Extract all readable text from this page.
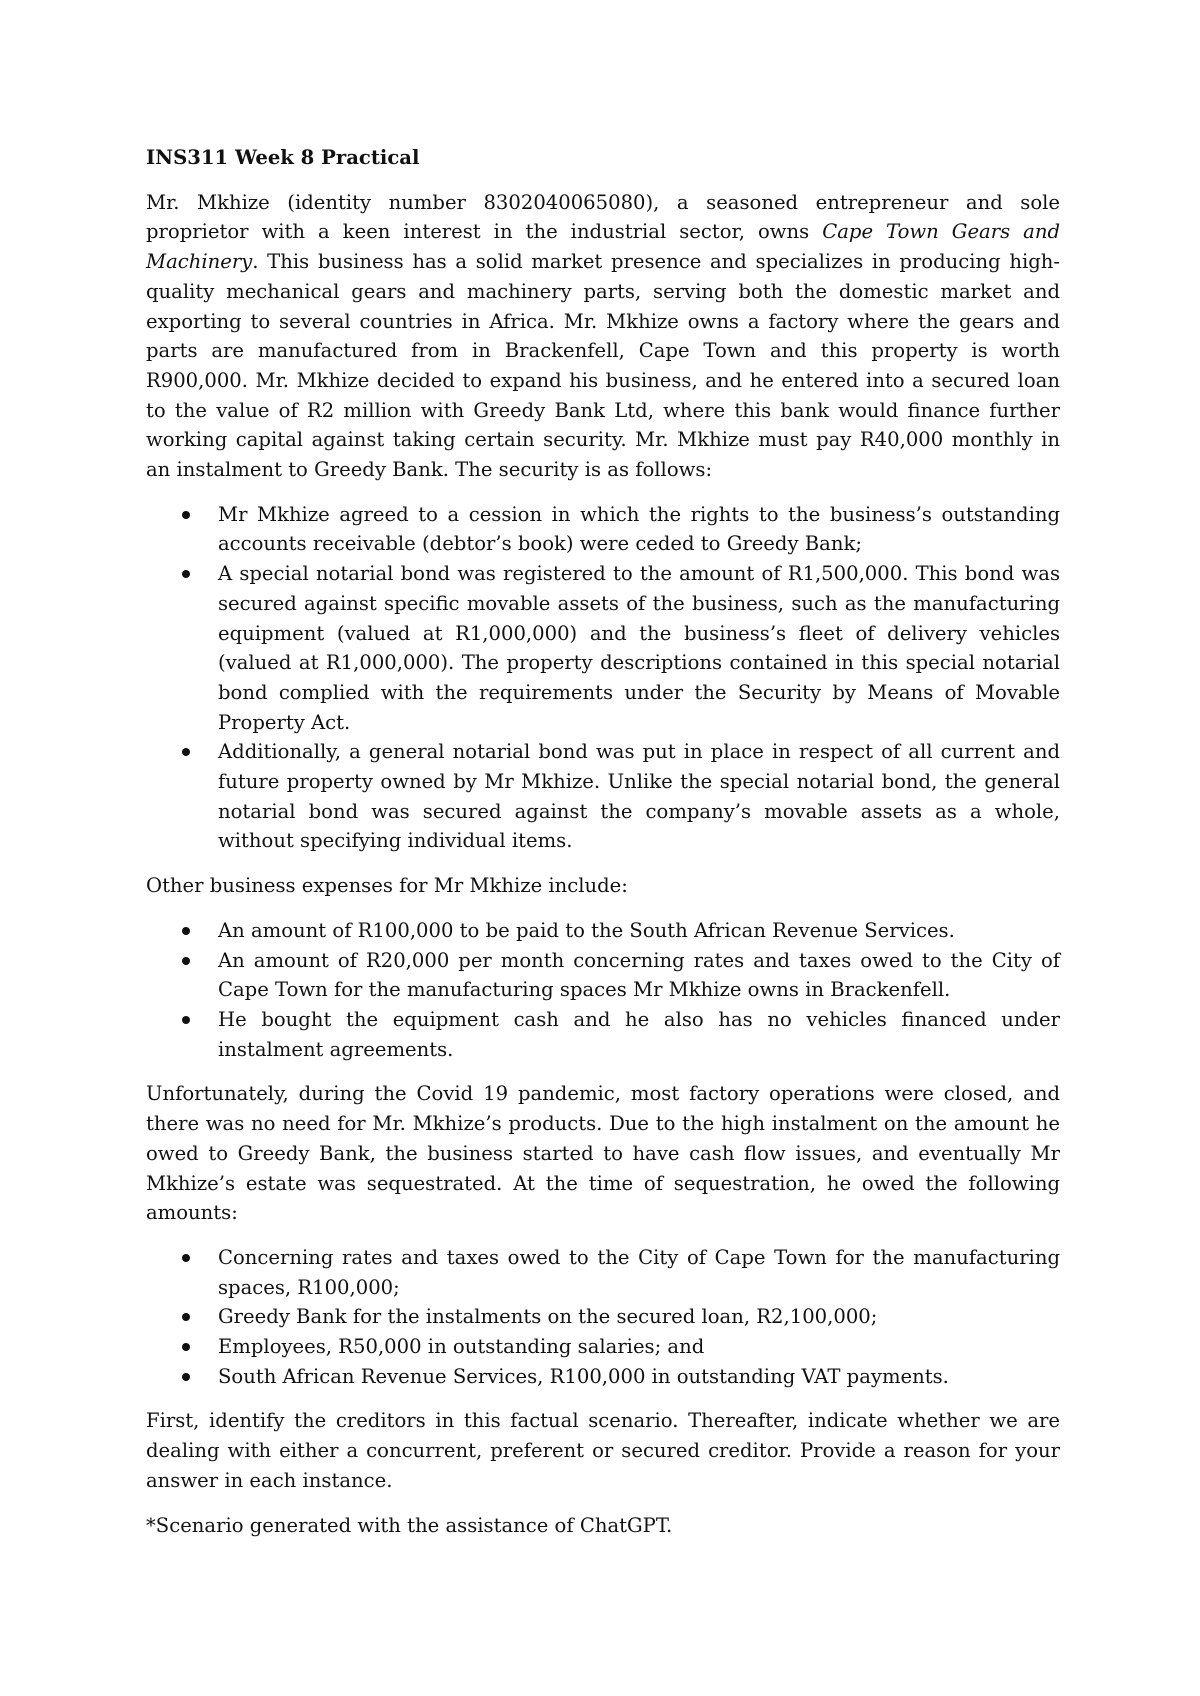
INS311 Week 8 Practical

Mr. Mkhize (identity number 8302040065080), a seasoned entrepreneur and sole proprietor with a keen interest in the industrial sector, owns Cape Town Gears and Machinery. This business has a solid market presence and specializes in producing high-quality mechanical gears and machinery parts, serving both the domestic market and exporting to several countries in Africa. Mr. Mkhize owns a factory where the gears and parts are manufactured from in Brackenfell, Cape Town and this property is worth R900,000. Mr. Mkhize decided to expand his business, and he entered into a secured loan to the value of R2 million with Greedy Bank Ltd, where this bank would finance further working capital against taking certain security. Mr. Mkhize must pay R40,000 monthly in an instalment to Greedy Bank. The security is as follows:

Mr Mkhize agreed to a cession in which the rights to the business’s outstanding accounts receivable (debtor’s book) were ceded to Greedy Bank;
A special notarial bond was registered to the amount of R1,500,000. This bond was secured against specific movable assets of the business, such as the manufacturing equipment (valued at R1,000,000) and the business’s fleet of delivery vehicles (valued at R1,000,000). The property descriptions contained in this special notarial bond complied with the requirements under the Security by Means of Movable Property Act.
Additionally, a general notarial bond was put in place in respect of all current and future property owned by Mr Mkhize. Unlike the special notarial bond, the general notarial bond was secured against the company’s movable assets as a whole, without specifying individual items.

Other business expenses for Mr Mkhize include:

An amount of R100,000 to be paid to the South African Revenue Services.
An amount of R20,000 per month concerning rates and taxes owed to the City of Cape Town for the manufacturing spaces Mr Mkhize owns in Brackenfell.
He bought the equipment cash and he also has no vehicles financed under instalment agreements.

Unfortunately, during the Covid 19 pandemic, most factory operations were closed, and there was no need for Mr. Mkhize’s products. Due to the high instalment on the amount he owed to Greedy Bank, the business started to have cash flow issues, and eventually Mr Mkhize’s estate was sequestrated. At the time of sequestration, he owed the following amounts:

Concerning rates and taxes owed to the City of Cape Town for the manufacturing spaces, R100,000;
Greedy Bank for the instalments on the secured loan, R2,100,000;
Employees, R50,000 in outstanding salaries; and
South African Revenue Services, R100,000 in outstanding VAT payments.

First, identify the creditors in this factual scenario. Thereafter, indicate whether we are dealing with either a concurrent, preferent or secured creditor. Provide a reason for your answer in each instance.

*Scenario generated with the assistance of ChatGPT.
